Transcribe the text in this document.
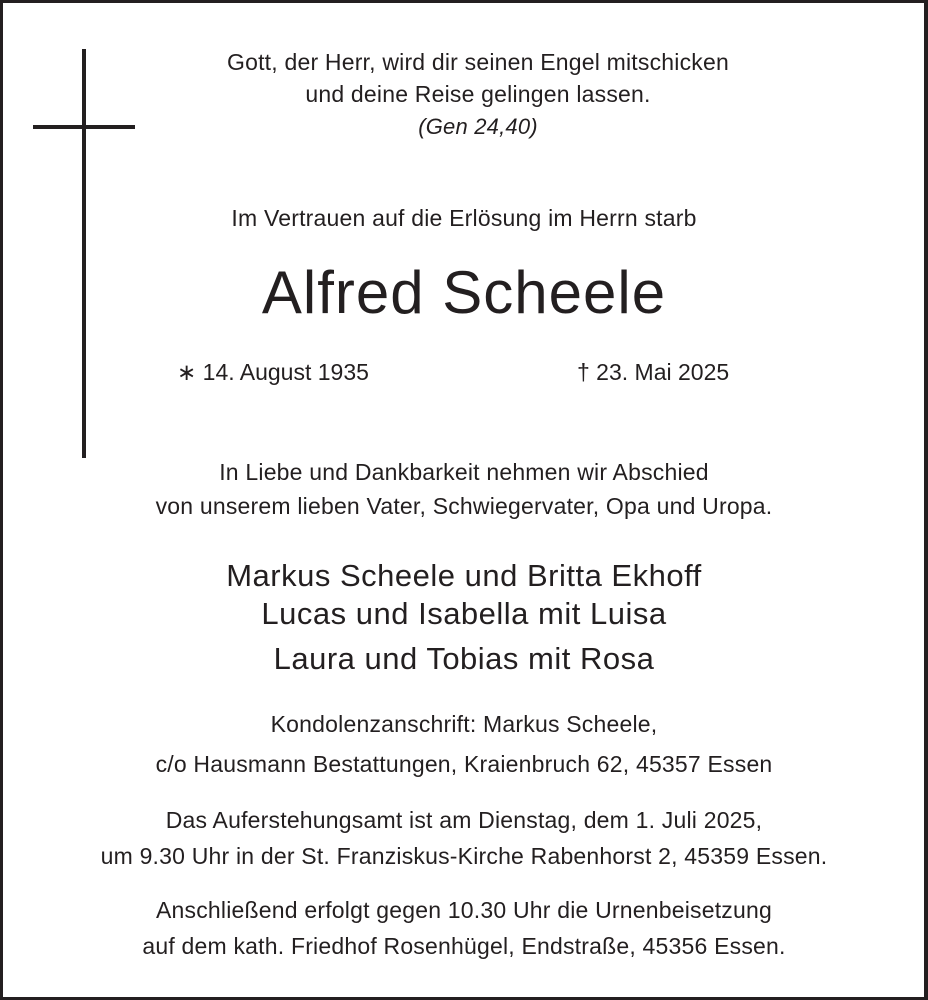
Gott, der Herr, wird dir seinen Engel mitschicken
und deine Reise gelingen lassen.
(Gen 24,40)
Im Vertrauen auf die Erlösung im Herrn starb
Alfred Scheele
∗ 14. August 1935	† 23. Mai 2025
In Liebe und Dankbarkeit nehmen wir Abschied
von unserem lieben Vater, Schwiegervater, Opa und Uropa.
Markus Scheele und Britta Ekhoff
Lucas und Isabella mit Luisa
Laura und Tobias mit Rosa
Kondolenzanschrift: Markus Scheele,
c/o Hausmann Bestattungen, Kraienbruch 62, 45357 Essen
Das Auferstehungsamt ist am Dienstag, dem 1. Juli 2025,
um 9.30 Uhr in der St. Franziskus-Kirche Rabenhorst 2, 45359 Essen.
Anschließend erfolgt gegen 10.30 Uhr die Urnenbeisetzung
auf dem kath. Friedhof Rosenhügel, Endstraße, 45356 Essen.
